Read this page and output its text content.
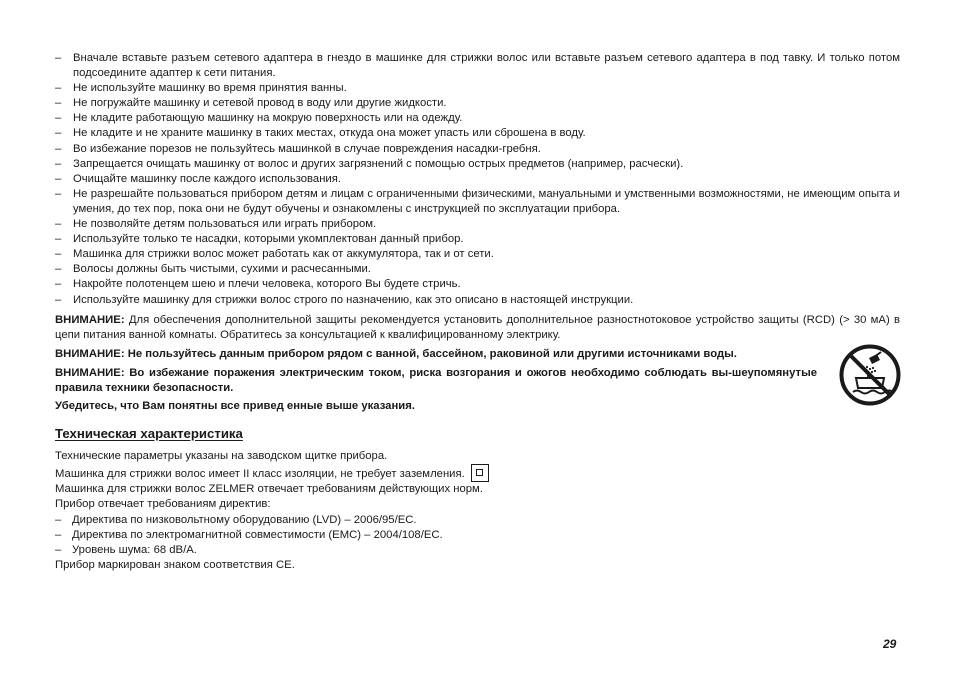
– Вначале вставьте разъем сетевого адаптера в гнездо в машинке для стрижки волос или вставьте разъем сетевого адаптера в под тавку. И только потом подсоедините адаптер к сети питания.
– Не используйте машинку во время принятия ванны.
– Не погружайте машинку и сетевой провод в воду или другие жидкости.
– Не кладите работающую машинку на мокрую поверхность или на одежду.
– Не кладите и не храните машинку в таких местах, откуда она может упасть или сброшена в воду.
– Во избежание порезов не пользуйтесь машинкой в случае повреждения насадки-гребня.
– Запрещается очищать машинку от волос и других загрязнений с помощью острых предметов (например, расчески).
– Очищайте машинку после каждого использования.
– Не разрешайте пользоваться прибором детям и лицам с ограниченными физическими, мануальными и умственными возможностями, не имеющим опыта и умения, до тех пор, пока они не будут обучены и ознакомлены с инструкцией по эксплуатации прибора.
– Не позволяйте детям пользоваться или играть прибором.
– Используйте только те насадки, которыми укомплектован данный прибор.
– Машинка для стрижки волос может работать как от аккумулятора, так и от сети.
– Волосы должны быть чистыми, сухими и расчесанными.
– Накройте полотенцем шею и плечи человека, которого Вы будете стричь.
– Используйте машинку для стрижки волос строго по назначению, как это описано в настоящей инструкции.

ВНИМАНИЕ: Для обеспечения дополнительной защиты рекомендуется установить дополнительное разностнотоковое устройство защиты (RCD) (> 30 мА) в цепи питания ванной комнаты. Обратитесь за консультацией к квалифицированному электрику.

ВНИМАНИЕ: Не пользуйтесь данным прибором рядом с ванной, бассейном, раковиной или другими источниками воды.

ВНИМАНИЕ: Во избежание поражения электрическим током, риска возгорания и ожогов необходимо соблюдать вы-шеупомянутые правила техники безопасности.

Убедитесь, что Вам понятны все привед енные выше указания.

Техническая характеристика

Технические параметры указаны на заводском щитке прибора.

Машинка для стрижки волос имеет II класс изоляции, не требует заземления.

Машинка для стрижки волос ZELMER отвечает требованиям действующих норм.

Прибор отвечает требованиям директив:

– Директива по низковольтному оборудованию (LVD) – 2006/95/EC.
– Директива по электромагнитной совместимости (EMC) – 2004/108/EC.
– Уровень шума: 68 dB/A.

Прибор маркирован знаком соответствия CE.

29
